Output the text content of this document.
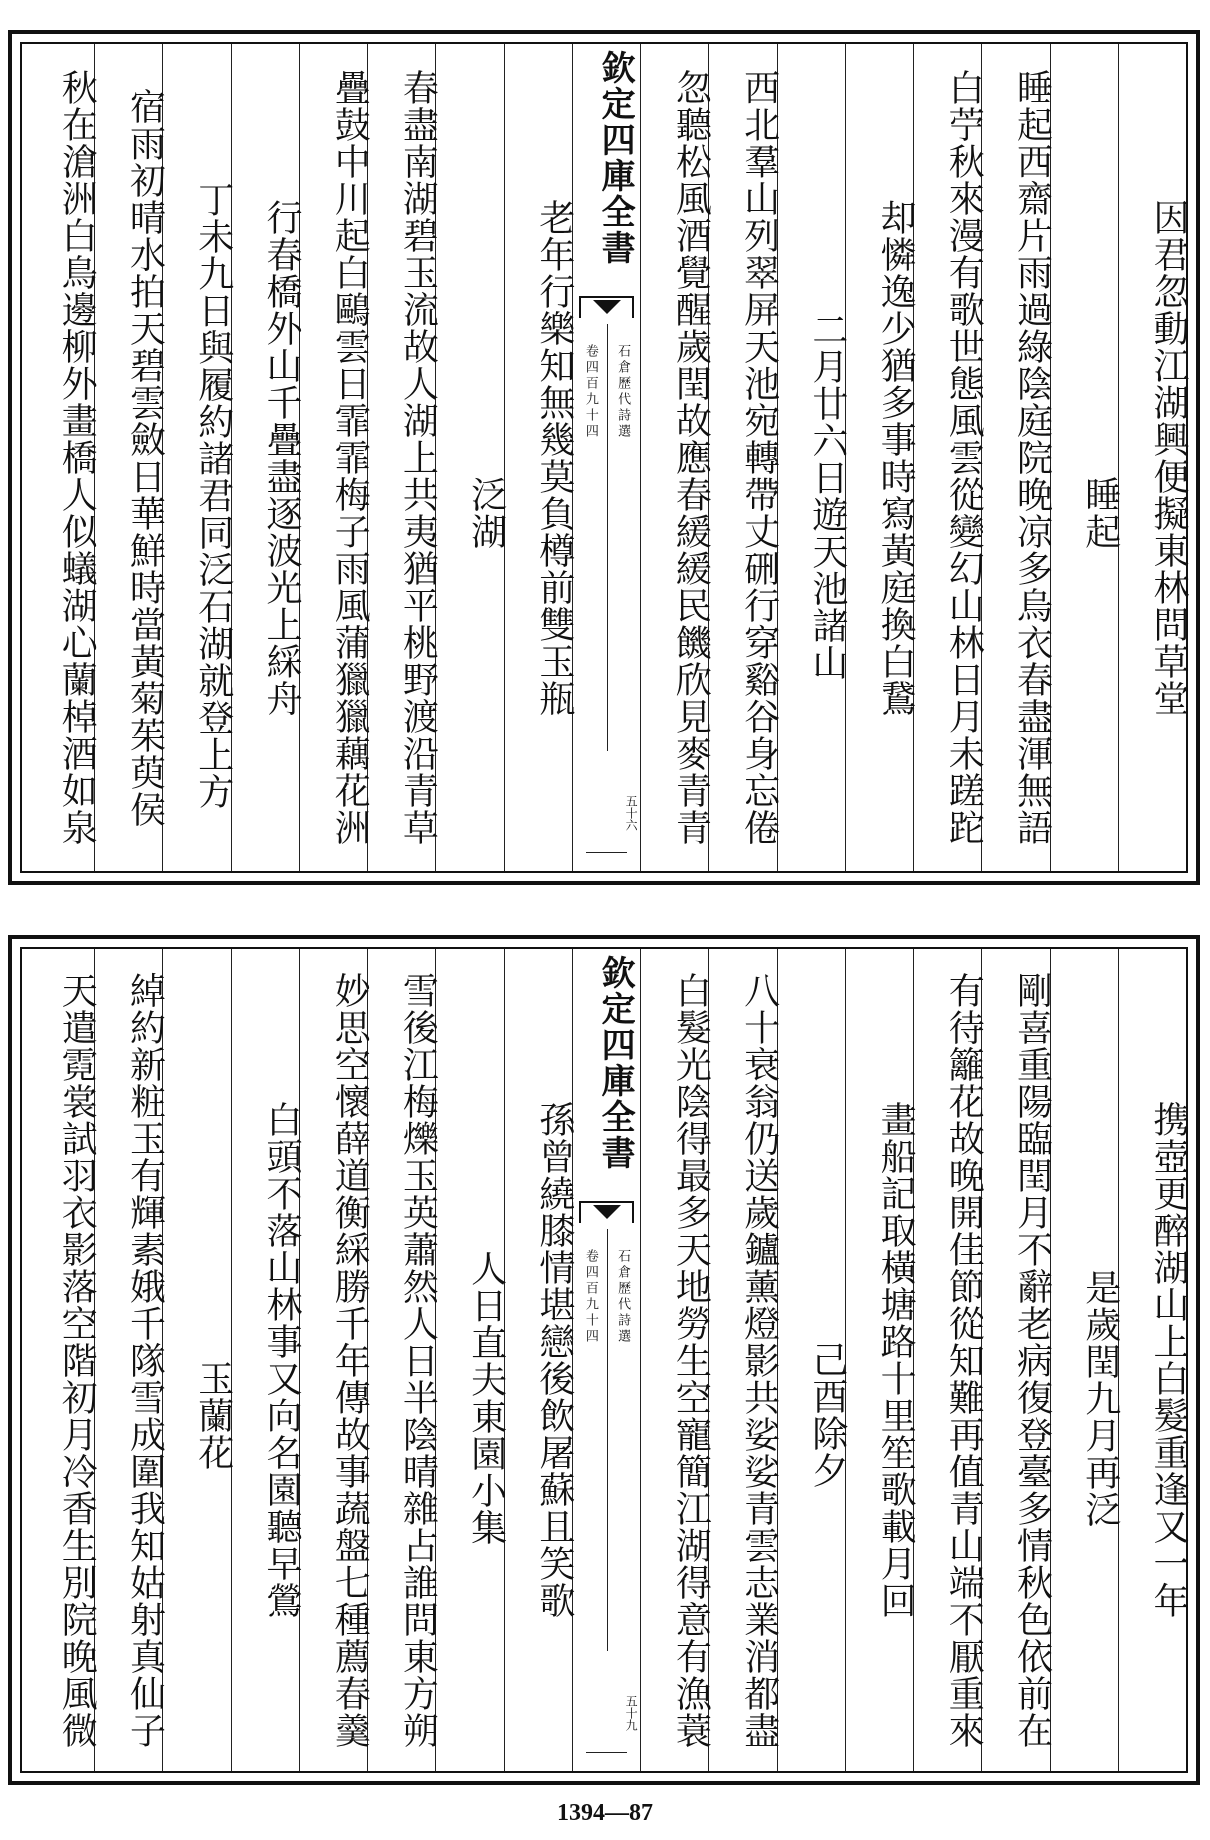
因君忽動江湖興便擬東林問草堂
睡起
睡起西齋片雨過綠陰庭院晚凉多烏衣春盡渾無語
白苧秋來漫有歌世態風雲從變幻山林日月未蹉跎
却憐逸少猶多事時寫黃庭換白鵞
二月廿六日遊天池諸山
西北羣山列翠屏天池宛轉帶丈硎行穿谿谷身忘倦
忽聽松風酒覺醒歲閏故應春緩緩民饑欣見麥青青
欽定四庫全書
石倉歷代詩選
卷四百九十四
五十六
老年行樂知無幾莫負樽前雙玉瓶
泛湖
春盡南湖碧玉流故人湖上共夷猶平桃野渡沿青草
疊鼓中川起白鷗雲日霏霏梅子雨風蒲獵獵藕花洲
行春橋外山千疊盡逐波光上綵舟
丁未九日與履約諸君同泛石湖就登上方
宿雨初晴水拍天碧雲斂日華鮮時當黃菊茱萸侯
秋在滄洲白鳥邊柳外畫橋人似蟻湖心蘭棹酒如泉
携壺更醉湖山上白髮重逢又一年
是歲閏九月再泛
剛喜重陽臨閏月不辭老病復登臺多情秋色依前在
有待籬花故晚開佳節從知難再值青山端不厭重來
畫船記取橫塘路十里笙歌載月回
己酉除夕
八十衰翁仍送歲鑪薰燈影共娑娑青雲志業消都盡
白髮光陰得最多天地勞生空寵簡江湖得意有漁蓑
欽定四庫全書
石倉歷代詩選
卷四百九十四
五十九
孫曾繞膝情堪戀後飲屠蘇且笑歌
人日直夫東園小集
雪後江梅爍玉英蕭然人日半陰晴雜占誰問東方朔
妙思空懷薛道衡綵勝千年傳故事蔬盤七種薦春羹
白頭不落山林事又向名園聽早鶯
玉蘭花
綽約新粧玉有輝素娥千隊雪成圍我知姑射真仙子
天遣霓裳試羽衣影落空階初月冷香生別院晚風微
1394—87
